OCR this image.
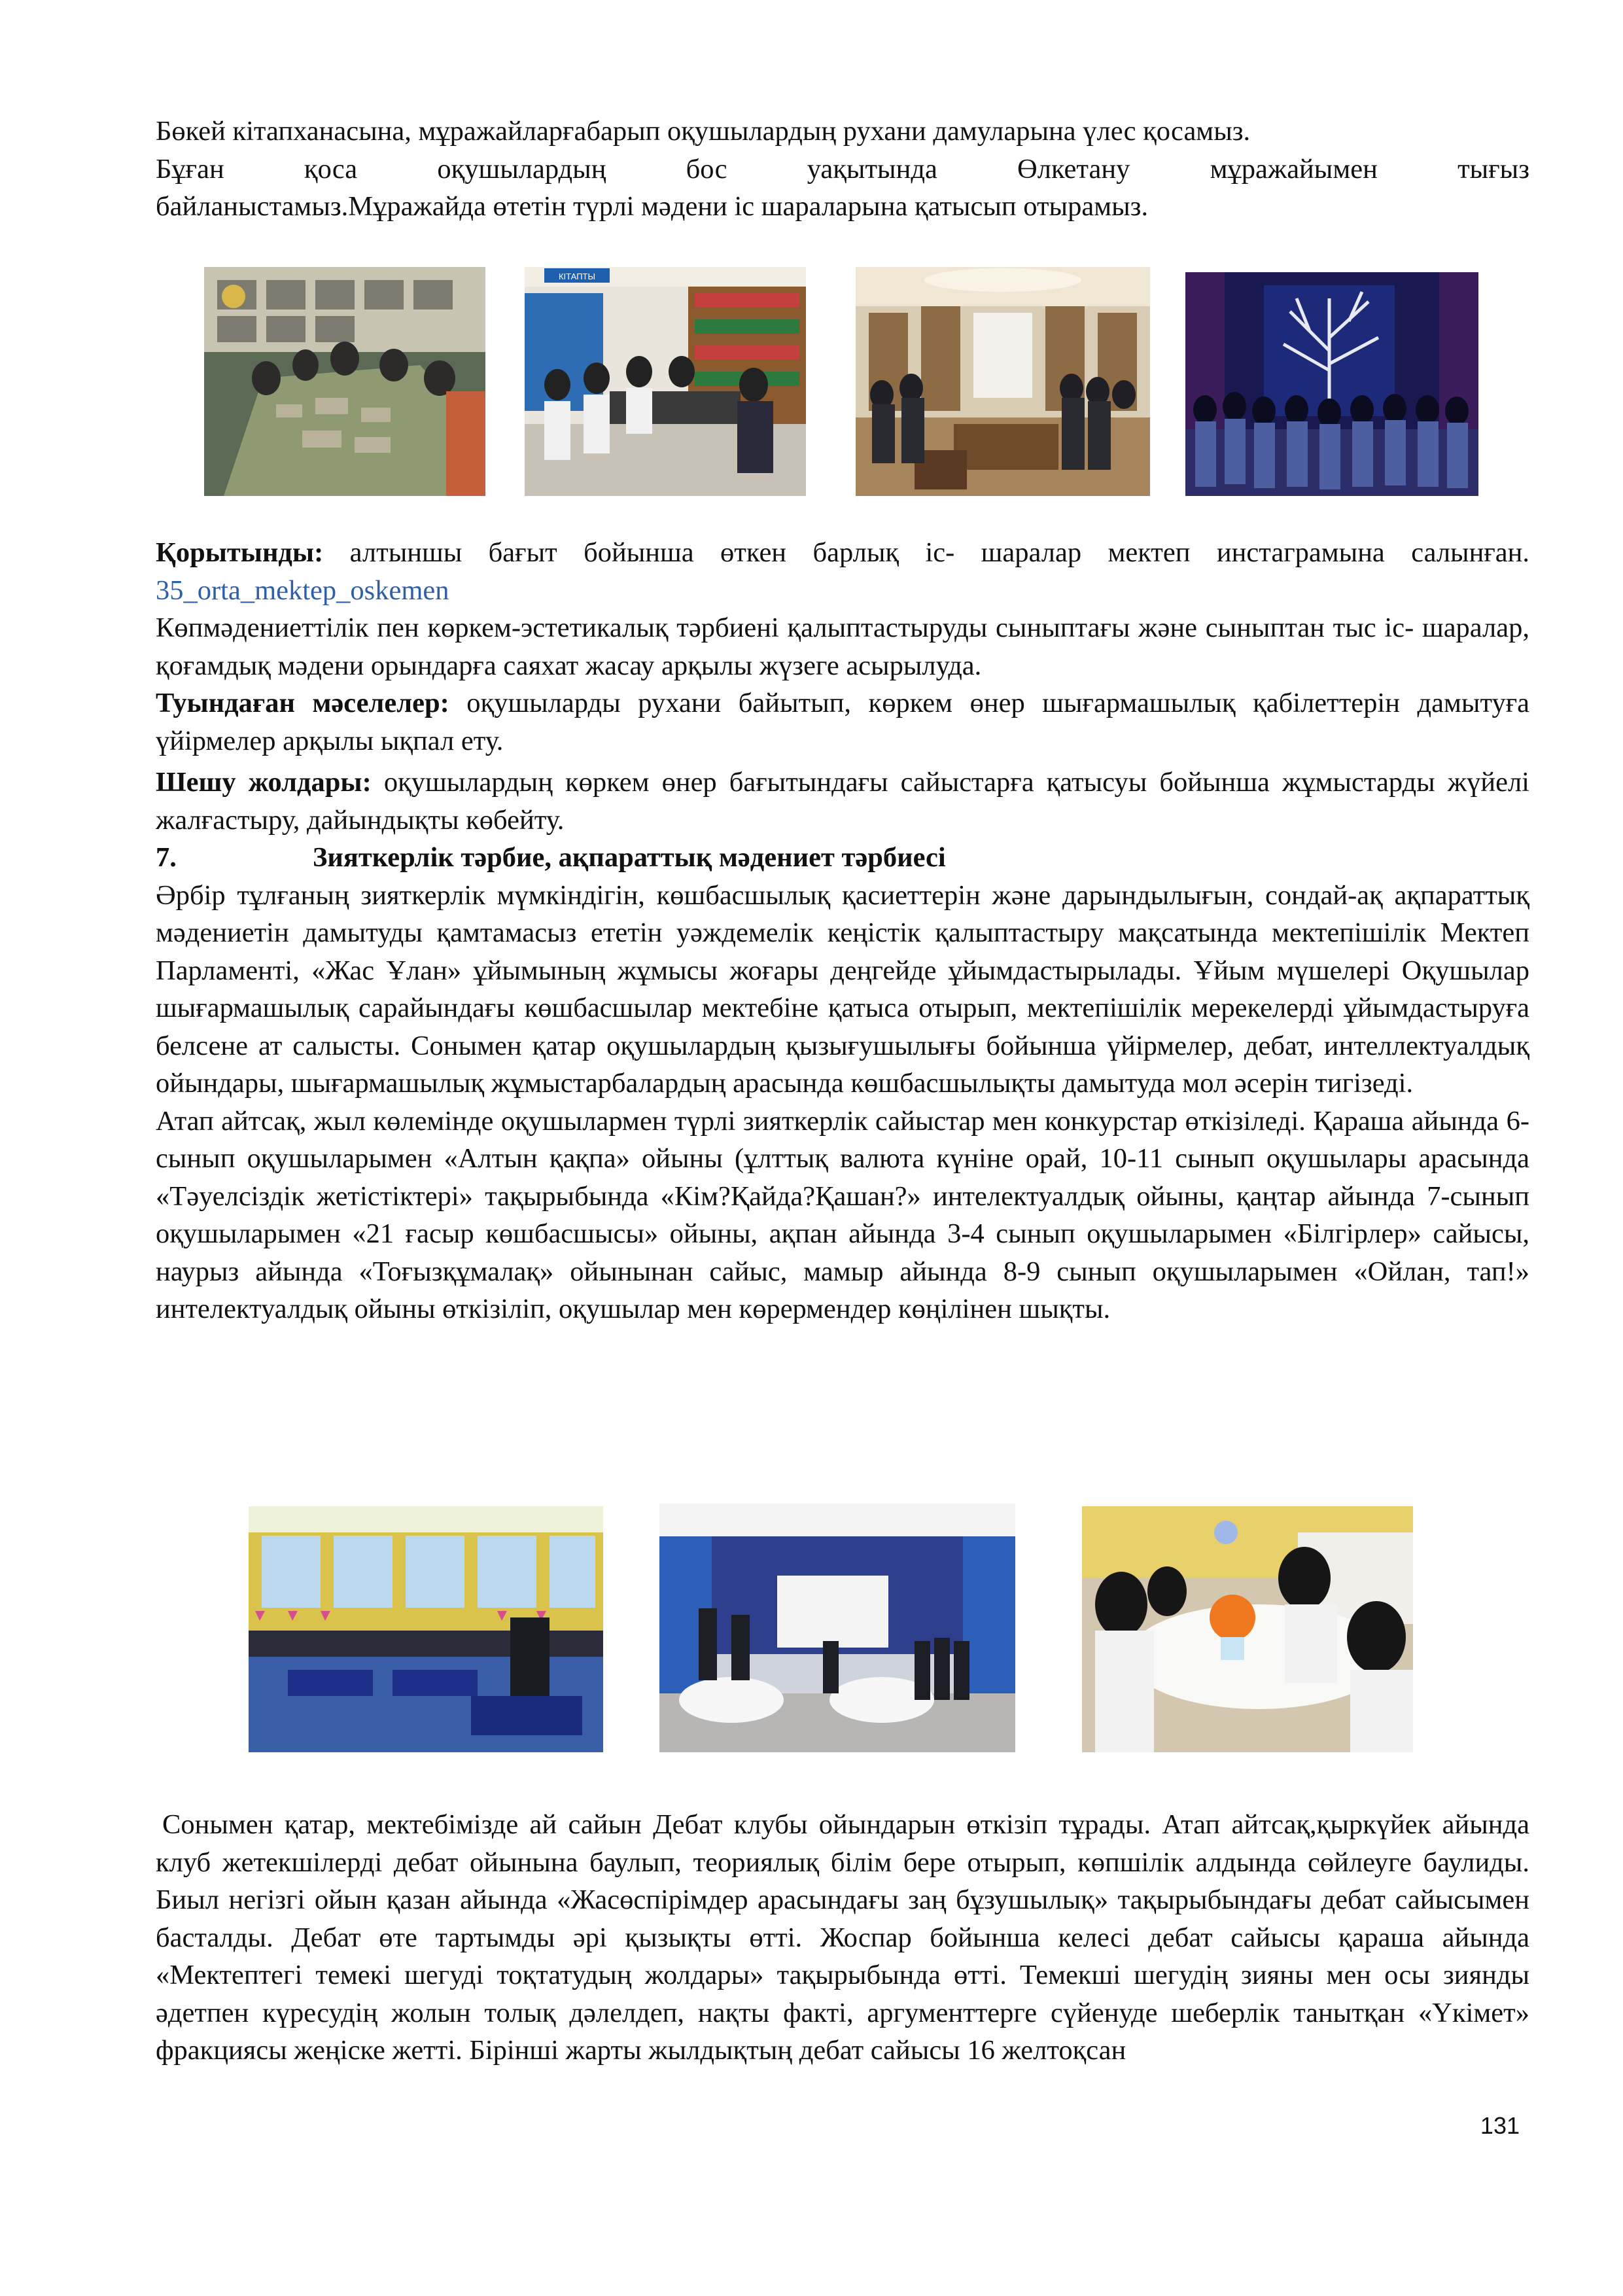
Бөкей кітапханасына, мұражайларғабарып оқушылардың рухани дамуларына үлес қосамыз.

Бұған қоса оқушылардың бос уақытында Өлкетану мұражайымен тығыз

байланыстамыз.Мұражайда өтетін түрлі мәдени іс шараларына қатысып отырамыз.

КІТАПТЫ

Қорытынды: алтыншы бағыт бойынша өткен барлық іс- шаралар мектеп инстаграмына салынған. 35_orta_mektep_oskemen

Көпмәдениеттілік пен көркем-эстетикалық тәрбиені қалыптастыруды сыныптағы және сыныптан тыс іс- шаралар, қоғамдық мәдени орындарға саяхат жасау арқылы жүзеге асырылуда.

Туындаған мәселелер: оқушыларды рухани байытып, көркем өнер шығармашылық қабілеттерін дамытуға үйірмелер арқылы ықпал ету.

Шешу жолдары: оқушылардың көркем өнер бағытындағы сайыстарға қатысуы бойынша жұмыстарды жүйелі жалғастыру, дайындықты көбейту.

7.	Зияткерлік тәрбие, ақпараттық мәдениет тәрбиесі

Әрбір тұлғаның зияткерлік мүмкіндігін, көшбасшылық қасиеттерін және дарындылығын, сондай-ақ ақпараттық мәдениетін дамытуды қамтамасыз ететін уәждемелік кеңістік қалыптастыру мақсатында мектепішілік Мектеп Парламенті, «Жас Ұлан» ұйымының жұмысы жоғары деңгейде ұйымдастырылады. Ұйым мүшелері Оқушылар шығармашылық сарайындағы көшбасшылар мектебіне қатыса отырып, мектепішілік мерекелерді ұйымдастыруға белсене ат салысты. Сонымен қатар оқушылардың қызығушылығы бойынша үйірмелер, дебат, интеллектуалдық ойындары, шығармашылық жұмыстарбалардың арасында көшбасшылықты дамытуда мол әсерін тигізеді.

Атап айтсақ, жыл көлемінде оқушылармен түрлі зияткерлік сайыстар мен конкурстар өткізіледі. Қараша айында 6-сынып оқушыларымен «Алтын қақпа» ойыны (ұлттық валюта күніне орай, 10-11 сынып оқушылары арасында «Тәуелсіздік жетістіктері» тақырыбында «Кім?Қайда?Қашан?» интелектуалдық ойыны, қаңтар айында 7-сынып оқушыларымен «21 ғасыр көшбасшысы» ойыны, ақпан айында 3-4 сынып оқушыларымен «Білгірлер» сайысы, наурыз айында «Тоғызқұмалақ» ойынынан сайыс, мамыр айында 8-9 сынып оқушыларымен «Ойлан, тап!» интелектуалдық ойыны өткізіліп, оқушылар мен көрермендер көңілінен шықты.

Сонымен қатар, мектебімізде ай сайын Дебат клубы ойындарын өткізіп тұрады. Атап айтсақ,қыркүйек айында клуб жетекшілерді дебат ойынына баулып, теориялық білім бере отырып, көпшілік алдында сөйлеуге баулиды. Биыл негізгі ойын қазан айында «Жасөспірімдер арасындағы заң бұзушылық» тақырыбындағы дебат сайысымен басталды. Дебат өте тартымды әрі қызықты өтті. Жоспар бойынша келесі дебат сайысы қараша айында «Мектептегі темекі шегуді тоқтатудың жолдары» тақырыбында өтті. Темекші шегудің зияны мен осы зиянды әдетпен күресудің жолын толық дәлелдеп, нақты факті, аргументтерге сүйенуде шеберлік танытқан «Үкімет» фракциясы жеңіске жетті. Бірінші жарты жылдықтың дебат сайысы 16 желтоқсан

131
